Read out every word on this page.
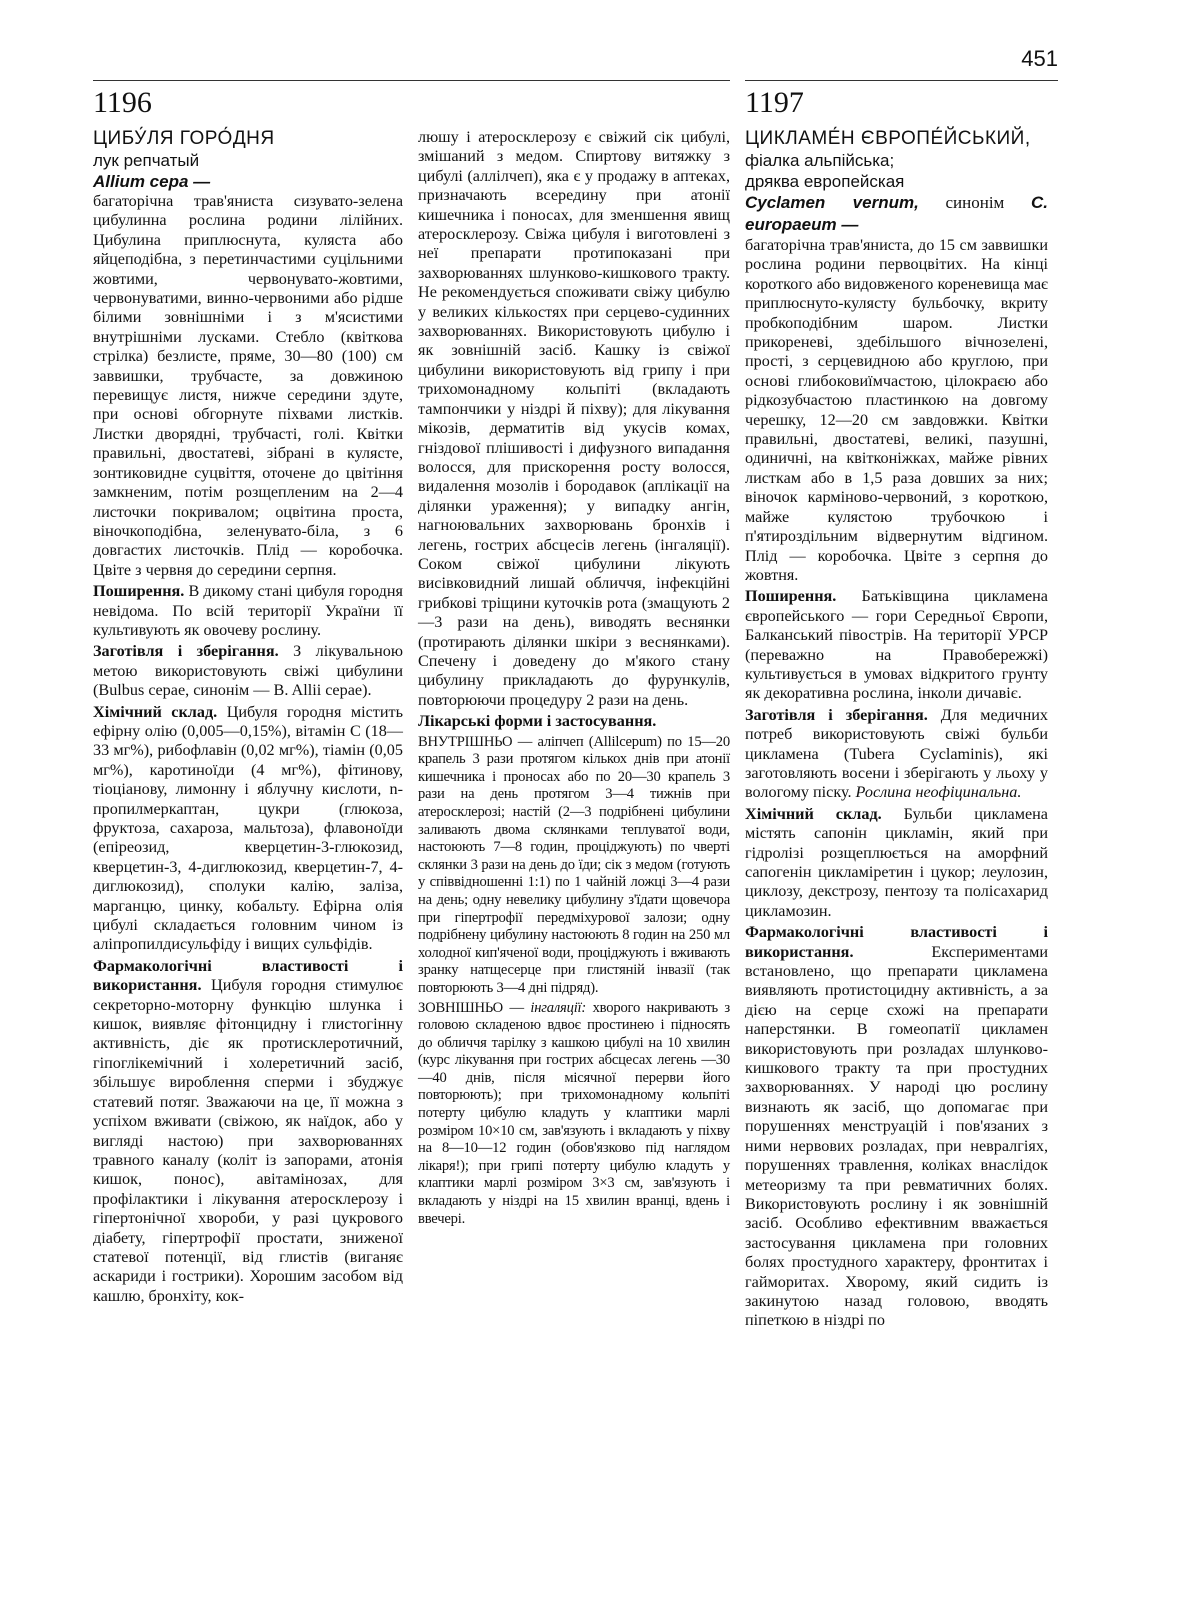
451
1196	1197
ЦИБУ́ЛЯ ГОРО́ДНЯ
лук репчатый
Allium cepa —

багаторічна трав'яниста сизувато-зелена цибулинна рослина родини лілійних. Цибулина приплюснута, куляста або яйцеподібна, з перетинчастими суцільними жовтими, червонувато-жовтими, червонуватими, винно-червоними або рідше білими зовнішніми і з м'ясистими внутрішніми лусками. Стебло (квіткова стрілка) безлисте, пряме, 30—80 (100) см заввишки, трубчасте, за довжиною перевищує листя, нижче середини здуте, при основі обгорнуте піхвами листків. Листки дворядні, трубчасті, голі. Квітки правильні, двостатеві, зібрані в кулясте, зонтиковидне суцвіття, оточене до цвітіння замкненим, потім розщепленим на 2—4 листочки покривалом; оцвітина проста, віночкоподібна, зеленувато-біла, з 6 довгастих листочків. Плід — коробочка. Цвіте з червня до середини серпня.

Поширення. В дикому стані цибуля городня невідома. По всій території України її культивують як овочеву рослину.

Заготівля і зберігання. З лікувальною метою використовують свіжі цибулини (Bulbus cepae, синонім — B. Allii cepae).

Хімічний склад. Цибуля городня містить ефірну олію (0,005—0,15%), вітамін С (18—33 мг%), рибофлавін (0,02 мг%), тіамін (0,05 мг%), каротиноїди (4 мг%), фітинову, тіоціанову, лимонну і яблучну кислоти, n-пропилмеркаптан, цукри (глюкоза, фруктоза, сахароза, мальтоза), флавоноїди (епіреозид, кверцетин-3-глюкозид, кверцетин-3, 4-диглюкозид, кверцетин-7, 4-диглюкозид), сполуки калію, заліза, марганцю, цинку, кобальту. Ефірна олія цибулі складається головним чином із аліпропилдисульфіду і вищих сульфідів.

Фармакологічні властивості і використання. Цибуля городня стимулює секреторно-моторну функцію шлунка і кишок, виявляє фітонцидну і глистогінну активність, діє як протисклеротичний, гіпоглікемічний і холеретичний засіб, збільшує вироблення сперми і збуджує статевий потяг. Зважаючи на це, її можна з успіхом вживати (свіжою, як наїдок, або у вигляді настою) при захворюваннях травного каналу (коліт із запорами, атонія кишок, понос), авітамінозах, для профілактики і лікування атеросклерозу і гіпертонічної хвороби, у разі цукрового діабету, гіпертрофії простати, зниженої статевої потенції, від глистів (виганяє аскариди і гострики). Хорошим засобом від кашлю, бронхіту, кок-

люшу і атеросклерозу є свіжий сік цибулі, змішаний з медом. Спиртову витяжку з цибулі (аллілчеп), яка є у продажу в аптеках, призначають всередину при атонії кишечника і поносах, для зменшення явищ атеросклерозу. Свіжа цибуля і виготовлені з неї препарати протипоказані при захворюваннях шлунково-кишкового тракту. Не рекомендується споживати свіжу цибулю у великих кількостях при серцево-судинних захворюваннях. Використовують цибулю і як зовнішній засіб. Кашку із свіжої цибулини використовують від грипу і при трихомонадному кольпіті (вкладають тампончики у ніздрі й піхву); для лікування мікозів, дерматитів від укусів комах, гніздової плішивості і дифузного випадання волосся, для прискорення росту волосся, видалення мозолів і бородавок (аплікації на ділянки ураження); у випадку ангін, нагноювальних захворювань бронхів і легень, гострих абсцесів легень (інгаляції). Соком свіжої цибулини лікують висівковидний лишай обличчя, інфекційні грибкові тріщини куточків рота (змащують 2—3 рази на день), виводять веснянки (протирають ділянки шкіри з веснянками). Спечену і доведену до м'якого стану цибулину прикладають до фурункулів, повторюючи процедуру 2 рази на день.

Лікарські форми і застосування.

ВНУТРІШНЬО — аліпчеп (Allilcepum) по 15—20 крапель 3 рази протягом кількох днів при атонії кишечника і проносах або по 20—30 крапель 3 рази на день протягом 3—4 тижнів при атеросклерозі; настій (2—3 подрібнені цибулини заливають двома склянками теплуватої води, настоюють 7—8 годин, проціджують) по чверті склянки 3 рази на день до їди; сік з медом (готують у співвідношенні 1:1) по 1 чайній ложці 3—4 рази на день; одну невелику цибулину з'їдати щовечора при гіпертрофії передміхурової залози; одну подрібнену цибулину настоюють 8 годин на 250 мл холодної кип'яченої води, проціджують і вживають зранку натщесерце при глистяній інвазії (так повторюють 3—4 дні підряд).

ЗОВНІШНЬО — інгаляції: хворого накривають з головою складеною вдвоє простинею і підносять до обличчя тарілку з кашкою цибулі на 10 хвилин (курс лікування при гострих абсцесах легень —30—40 днів, після місячної перерви його повторюють); при трихомонадному кольпіті потерту цибулю кладуть у клаптики марлі розміром 10×10 см, зав'язують і вкладають у піхву на 8—10—12 годин (обов'язково під наглядом лікаря!); при грипі потерту цибулю кладуть у клаптики марлі розміром 3×3 см, зав'язують і вкладають у ніздрі на 15 хвилин вранці, вдень і ввечері.

ЦИКЛАМЕ́Н ЄВРОПЕ́ЙСЬКИЙ,
фіалка альпійська;
дряква европейская
Cyclamen vernum, синонім C. europaeum —

багаторічна трав'яниста, до 15 см заввишки рослина родини первоцвітих. На кінці короткого або видовженого кореневища має приплюснуто-кулясту бульбочку, вкриту пробкоподібним шаром. Листки прикореневі, здебільшого вічнозелені, прості, з серцевидною або круглою, при основі глибоковиїмчастою, цілокраєю або рідкозубчастою пластинкою на довгому черешку, 12—20 см завдовжки. Квітки правильні, двостатеві, великі, пазушні, одиничні, на квітконіжках, майже рівних листкам або в 1,5 раза довших за них; віночок карміново-червоний, з короткою, майже кулястою трубочкою і п'ятироздільним відвернутим відгином. Плід — коробочка. Цвіте з серпня до жовтня.

Поширення. Батьківщина цикламена європейського — гори Середньої Європи, Балканський півострів. На території УРСР (переважно на Правобережжі) культивується в умовах відкритого грунту як декоративна рослина, інколи дичавіє.

Заготівля і зберігання. Для медичних потреб використовують свіжі бульби цикламена (Tubera Cyclaminis), які заготовляють восени і зберігають у льоху у вологому піску. Рослина неофіцинальна.

Хімічний склад. Бульби цикламена містять сапонін цикламін, який при гідролізі розщеплюється на аморфний сапогенін цикламіретин і цукор; леулозин, циклозу, декстрозу, пентозу та полісахарид цикламозин.

Фармакологічні властивості і використання.	Експериментами встановлено, що препарати цикламена виявляють протистоцидну активність, а за дією на серце схожі на препарати наперстянки. В гомеопатії цикламен використовують при розладах шлунково-кишкового тракту та при простудних захворюваннях. У народі цю рослину визнають як засіб, що допомагає при порушеннях менструацій і пов'язаних з ними нервових розладах, при невралгіях, порушеннях травлення, коліках внаслідок метеоризму та при ревматичних болях. Використовують рослину і як зовнішній засіб. Особливо ефективним вважається застосування цикламена при головних болях простудного характеру, фронтитах і гайморитах. Хворому, який сидить із закинутою назад головою, вводять піпеткою в ніздрі по
